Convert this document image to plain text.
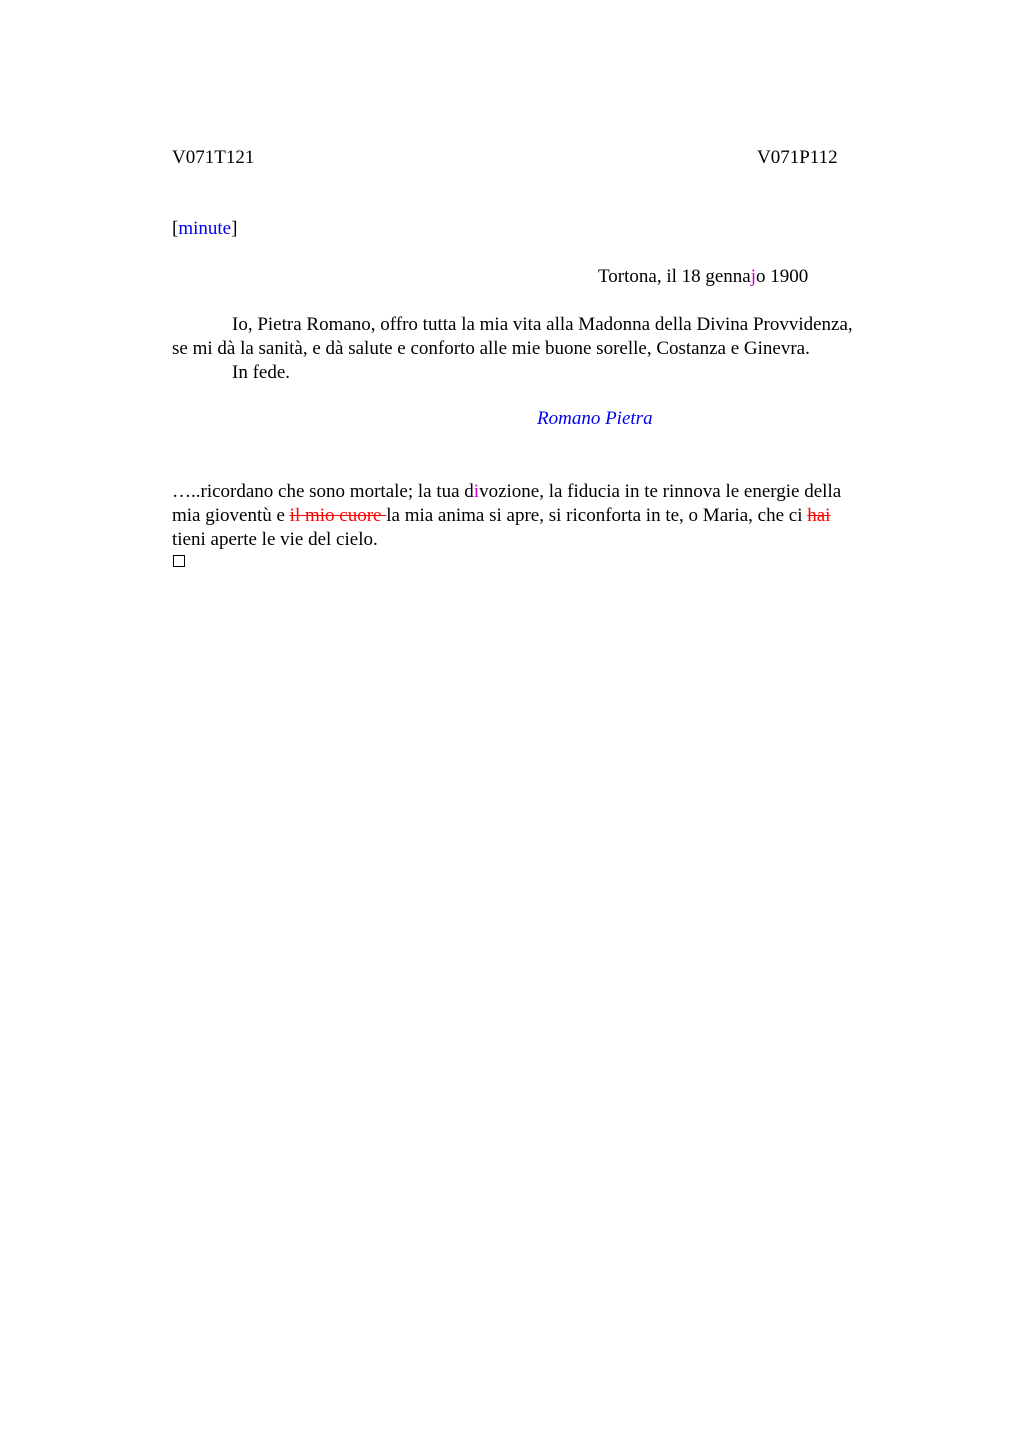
V071T121	V071P112
[minute]
Tortona, il 18 gennajo 1900
Io, Pietra Romano, offro tutta la mia vita alla Madonna della Divina Provvidenza,
se mi dà la sanità, e dà salute e conforto alle mie buone sorelle, Costanza e Ginevra.
In fede.
Romano Pietra
…..ricordano che sono mortale; la tua divozione, la fiducia in te rinnova le energie della
mia gioventù e il mio cuore la mia anima si apre, si riconforta in te, o Maria, che ci hai
tieni aperte le vie del cielo.
